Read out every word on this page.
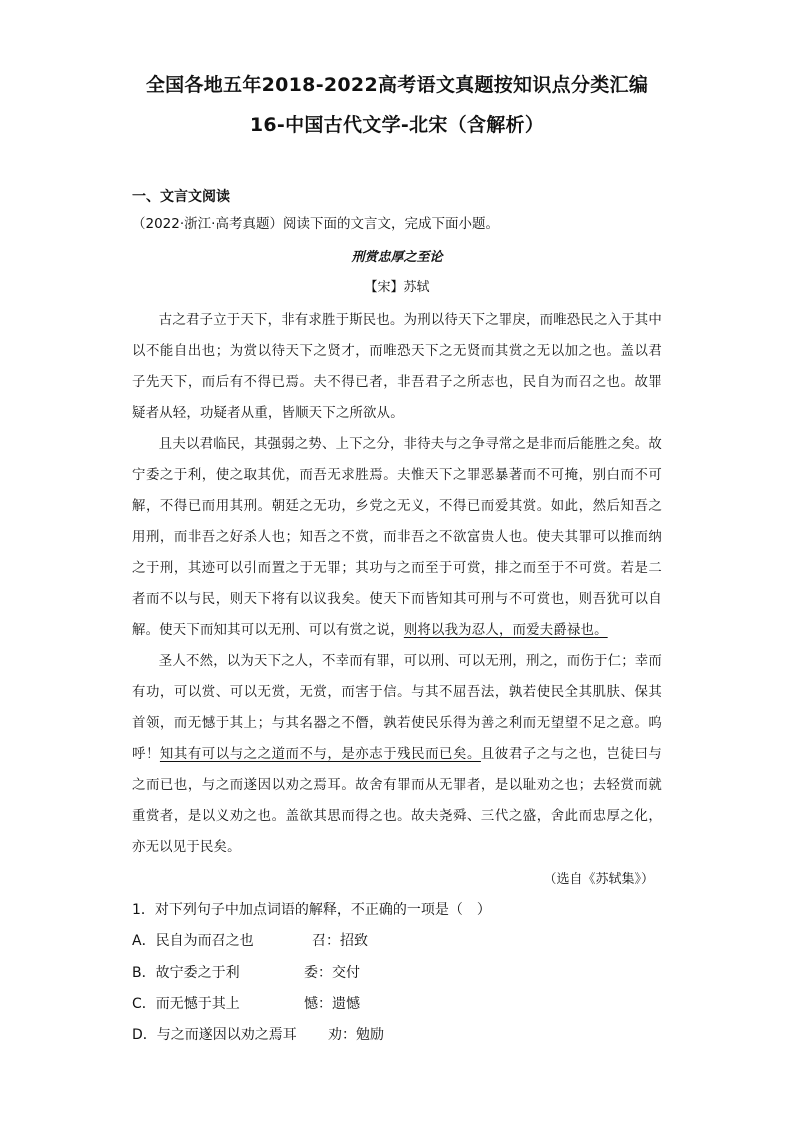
全国各地五年2018-2022高考语文真题按知识点分类汇编
16-中国古代文学-北宋（含解析）
一、文言文阅读
（2022·浙江·高考真题）阅读下面的文言文，完成下面小题。
刑赏忠厚之至论
【宋】苏轼

古之君子立于天下，非有求胜于斯民也。为刑以待天下之罪戾，而唯恐民之入于其中以不能自出也；为赏以待天下之贤才，而唯恐天下之无贤而其赏之无以加之也。盖以君子先天下，而后有不得已焉。夫不得已者，非吾君子之所志也，民自为而召之也。故罪疑者从轻，功疑者从重，皆顺天下之所欲从。

且夫以君临民，其强弱之势、上下之分，非待夫与之争寻常之是非而后能胜之矣。故宁委之于利，使之取其优，而吾无求胜焉。夫惟天下之罪恶暴著而不可掩，别白而不可解，不得已而用其刑。朝廷之无功，乡党之无义，不得已而爱其赏。如此，然后知吾之用刑，而非吾之好杀人也；知吾之不赏，而非吾之不欲富贵人也。使夫其罪可以推而纳之于刑，其迹可以引而置之于无罪；其功与之而至于可赏，排之而至于不可赏。若是二者而不以与民，则天下将有以议我矣。使天下而皆知其可刑与不可赏也，则吾犹可以自解。使天下而知其可以无刑、可以有赏之说，则将以我为忍人，而爱夫爵禄也。

圣人不然，以为天下之人，不幸而有罪，可以刑、可以无刑，刑之，而伤于仁；幸而有功，可以赏、可以无赏，无赏，而害于信。与其不屈吾法，孰若使民全其肌肤、保其首领，而无憾于其上；与其名器之不僭，孰若使民乐得为善之利而无望望不足之意。呜呼！知其有可以与之之道而不与，是亦志于残民而已矣。且彼君子之与之也，岂徒曰与之而已也，与之而遂因以劝之焉耳。故舍有罪而从无罪者，是以耻劝之也；去轻赏而就重赏者，是以义劝之也。盖欲其思而得之也。故夫尧舜、三代之盛，舍此而忠厚之化，亦无以见于民矣。

（选自《苏轼集》）
1．对下列句子中加点词语的解释，不正确的一项是（　）
A．民自为而召之也	召：招致
B．故宁委之于利	委：交付
C．而无憾于其上	憾：遗憾
D．与之而遂因以劝之焉耳 劝：勉励
